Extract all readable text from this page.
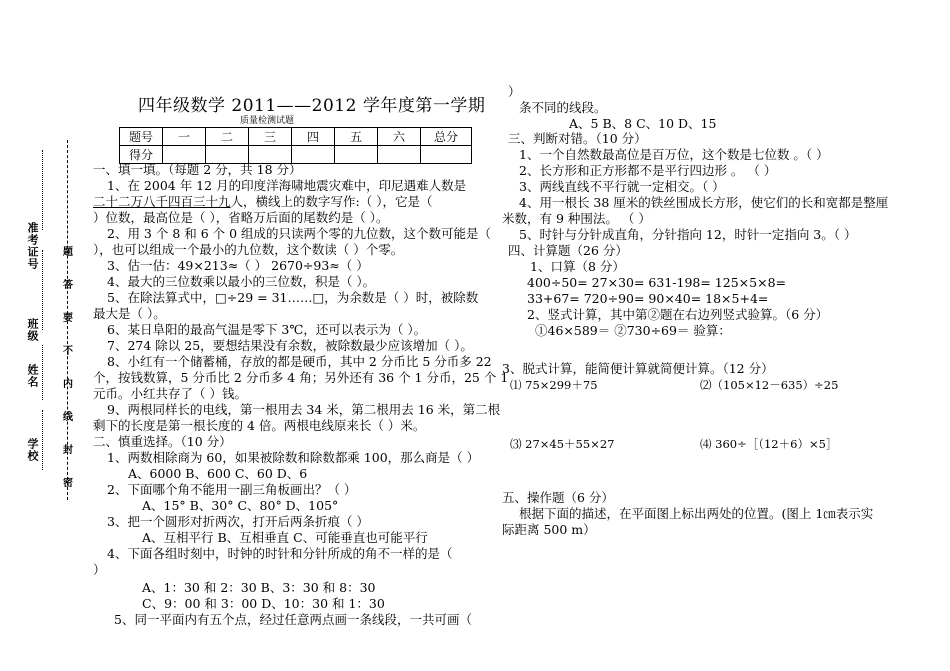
准考证号
班级
姓名
学校
题
答
要
不
内
线
封
密
四年级数学 2011——2012 学年度第一学期
质量检测试题
题号	一	二	三	四	五	六	总分
得分							
一、填一填。（每题 2 分，共 18 分）
1、在 2004 年 12 月的印度洋海啸地震灾难中，印尼遇难人数是
二十二万八千四百三十九人，横线上的数字写作:（ ），它是（
）位数，最高位是（ ），省略万后面的尾数约是（ ）。
2、用 3 个 8 和 6 个 0 组成的只读两个零的九位数，这个数可能是（
），也可以组成一个最小的九位数，这个数读（ ）个零。
3、估一估：49×213≈（ ） 2670÷93≈（ ）
4、最大的三位数乘以最小的三位数，积是（ ）。
5、在除法算式中，□÷29 = 31……□，为余数是（ ）时，被除数
最大是（ ）。
6、某日阜阳的最高气温是零下 3℃，还可以表示为（ ）。
7、274 除以 25，要想结果没有余数，被除数最少应该增加（ ）。
8、小红有一个储蓄桶，存放的都是硬币，其中 2 分币比 5 分币多 22
个，按钱数算，5 分币比 2 分币多 4 角；另外还有 36 个 1 分币，25 个 1
元币。小红共存了（ ）钱。
9、两根同样长的电线，第一根用去 34 米，第二根用去 16 米，第二根
剩下的长度是第一根长度的 4 倍。两根电线原来长（ ）米。
二、慎重选择。（10 分）
1、两数相除商为 60，如果被除数和除数都乘 100，那么商是（ ）
A、6000 B、600 C、60 D、6
2、下面哪个角不能用一副三角板画出？（ ）
A、15° B、30° C、80° D、105°
3、把一个圆形对折两次，打开后两条折痕（ ）
A、互相平行 B、互相垂直 C、可能垂直也可能平行
4、下面各组时刻中，时钟的时针和分针所成的角不一样的是（
）
A、1：30 和 2：30 B、3：30 和 8：30
C、9：00 和 3：00 D、10：30 和 1：30
5、同一平面内有五个点，经过任意两点画一条线段，一共可画（
）
条不同的线段。
A、5 B、8 C、10 D、15
三、判断对错。（10 分）
1、一个自然数最高位是百万位，这个数是七位数 。（ ）
2、长方形和正方形都不是平行四边形 。 （ ）
3、两线直线不平行就一定相交。（ ）
4、用一根长 38 厘米的铁丝围成长方形，使它们的长和宽都是整厘
米数，有 9 种围法。 （ ）
5、时针与分针成直角，分针指向 12，时针一定指向 3。（ ）
四、计算题（26 分）
1、口算（8 分）
400÷50= 27×30= 631-198= 125×5×8=
33+67= 720÷90= 90×40= 18×5+4=
2、竖式计算，其中第②题在右边列竖式验算。（6 分）
①46×589＝ ②730÷69＝ 验算：
3、脱式计算，能简便计算就简便计算。（12 分）
⑴ 75×299＋75	⑵（105×12－635）÷25
⑶ 27×45＋55×27	⑷ 360÷［（12＋6）×5］
五、操作题（6 分）
根据下面的描述，在平面图上标出两处的位置。(图上 1㎝表示实
际距离 500 m）
